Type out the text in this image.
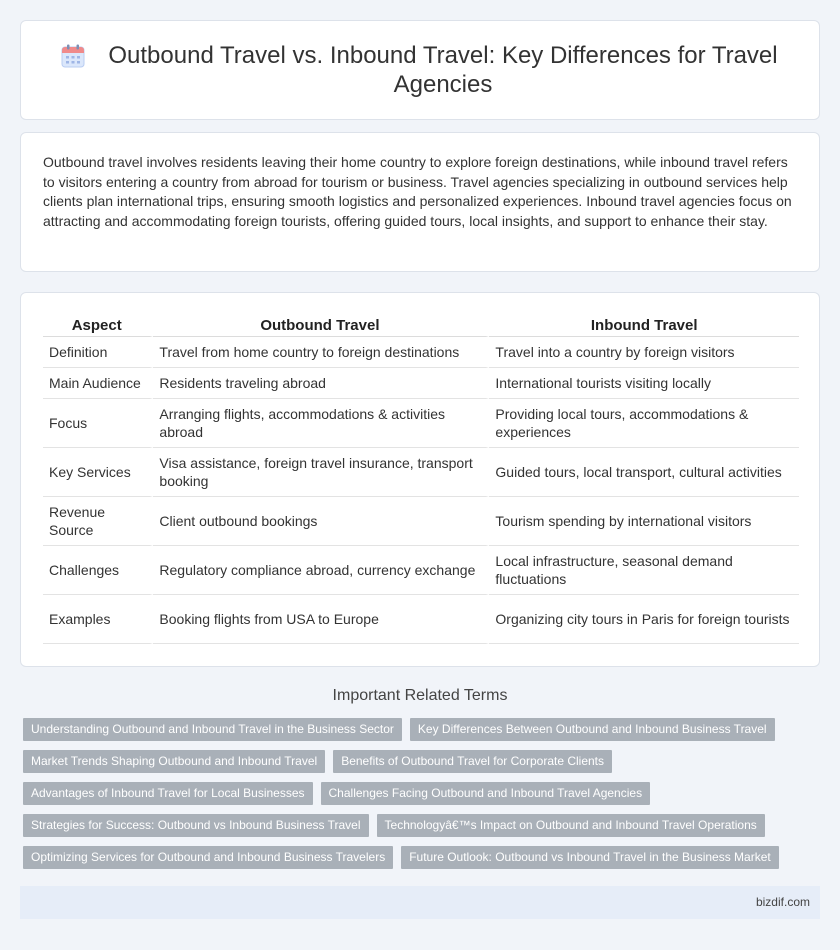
Outbound Travel vs. Inbound Travel: Key Differences for Travel Agencies

Outbound travel involves residents leaving their home country to explore foreign destinations, while inbound travel refers to visitors entering a country from abroad for tourism or business. Travel agencies specializing in outbound services help clients plan international trips, ensuring smooth logistics and personalized experiences. Inbound travel agencies focus on attracting and accommodating foreign tourists, offering guided tours, local insights, and support to enhance their stay.

Aspect	Outbound Travel	Inbound Travel
Definition	Travel from home country to foreign destinations	Travel into a country by foreign visitors
Main Audience	Residents traveling abroad	International tourists visiting locally
Focus	Arranging flights, accommodations & activities abroad	Providing local tours, accommodations & experiences
Key Services	Visa assistance, foreign travel insurance, transport booking	Guided tours, local transport, cultural activities
Revenue Source	Client outbound bookings	Tourism spending by international visitors
Challenges	Regulatory compliance abroad, currency exchange	Local infrastructure, seasonal demand fluctuations
Examples	Booking flights from USA to Europe	Organizing city tours in Paris for foreign tourists
Important Related Terms
Understanding Outbound and Inbound Travel in the Business Sector	Key Differences Between Outbound and Inbound Business Travel
Market Trends Shaping Outbound and Inbound Travel	Benefits of Outbound Travel for Corporate Clients
Advantages of Inbound Travel for Local Businesses	Challenges Facing Outbound and Inbound Travel Agencies
Strategies for Success: Outbound vs Inbound Business Travel	Technologyâ€™s Impact on Outbound and Inbound Travel Operations
Optimizing Services for Outbound and Inbound Business Travelers	Future Outlook: Outbound vs Inbound Travel in the Business Market
bizdif.com
